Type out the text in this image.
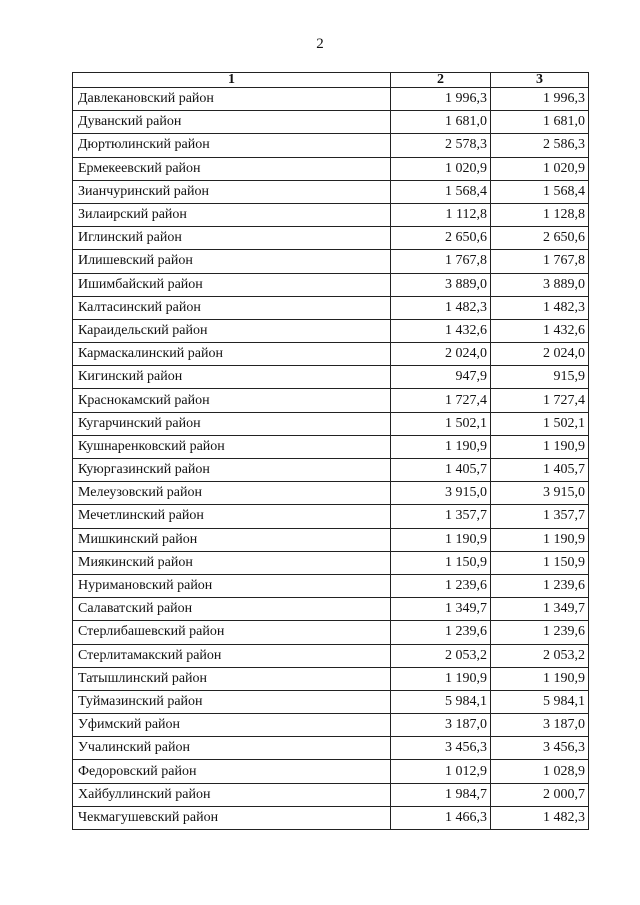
2
1	2	3
Давлекановский район	1 996,3	1 996,3
Дуванский район	1 681,0	1 681,0
Дюртюлинский район	2 578,3	2 586,3
Ермекеевский район	1 020,9	1 020,9
Зианчуринский район	1 568,4	1 568,4
Зилаирский район	1 112,8	1 128,8
Иглинский район	2 650,6	2 650,6
Илишевский район	1 767,8	1 767,8
Ишимбайский район	3 889,0	3 889,0
Калтасинский район	1 482,3	1 482,3
Караидельский район	1 432,6	1 432,6
Кармаскалинский район	2 024,0	2 024,0
Кигинский район	947,9	915,9
Краснокамский район	1 727,4	1 727,4
Кугарчинский район	1 502,1	1 502,1
Кушнаренковский район	1 190,9	1 190,9
Куюргазинский район	1 405,7	1 405,7
Мелеузовский район	3 915,0	3 915,0
Мечетлинский район	1 357,7	1 357,7
Мишкинский район	1 190,9	1 190,9
Миякинский район	1 150,9	1 150,9
Нуримановский район	1 239,6	1 239,6
Салаватский район	1 349,7	1 349,7
Стерлибашевский район	1 239,6	1 239,6
Стерлитамакский район	2 053,2	2 053,2
Татышлинский район	1 190,9	1 190,9
Туймазинский район	5 984,1	5 984,1
Уфимский район	3 187,0	3 187,0
Учалинский район	3 456,3	3 456,3
Федоровский район	1 012,9	1 028,9
Хайбуллинский район	1 984,7	2 000,7
Чекмагушевский район	1 466,3	1 482,3
